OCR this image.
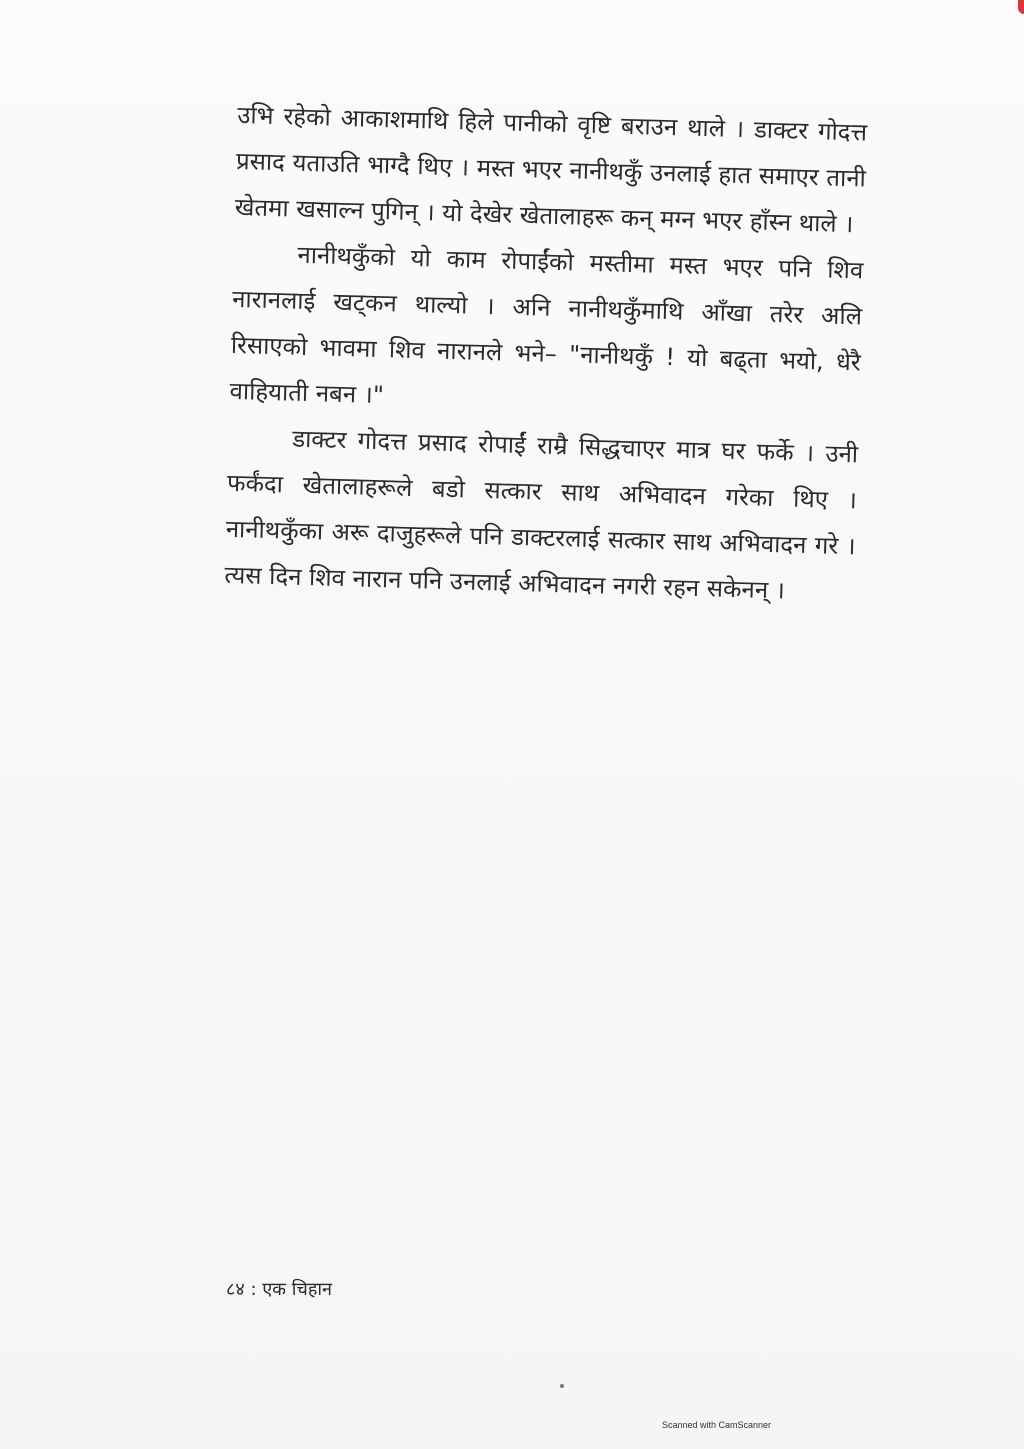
उभि रहेको आकाशमाथि हिले पानीको वृष्टि बराउन थाले । डाक्टर गोदत्त प्रसाद यताउति भाग्दै थिए । मस्त भएर नानीथकुँ उनलाई हात समाएर तानी खेतमा खसाल्न पुगिन् । यो देखेर खेतालाहरू कन् मग्न भएर हाँस्न थाले ।

नानीथकुँको यो काम रोपाईंको मस्तीमा मस्त भएर पनि शिव नारानलाई खट्कन थाल्यो । अनि नानीथकुँमाथि आँखा तरेर अलि रिसाएको भावमा शिव नारानले भने– "नानीथकुँ ! यो बढ्ता भयो, धेरै वाहियाती नबन ।"

डाक्टर गोदत्त प्रसाद रोपाईं राम्रै सिद्धचाएर मात्र घर फर्के । उनी फर्कंदा खेतालाहरूले बडो सत्कार साथ अभिवादन गरेका थिए । नानीथकुँका अरू दाजुहरूले पनि डाक्टरलाई सत्कार साथ अभिवादन गरे । त्यस दिन शिव नारान पनि उनलाई अभिवादन नगरी रहन सकेनन् ।

८४ : एक चिहान
Scanned with CamScanner
